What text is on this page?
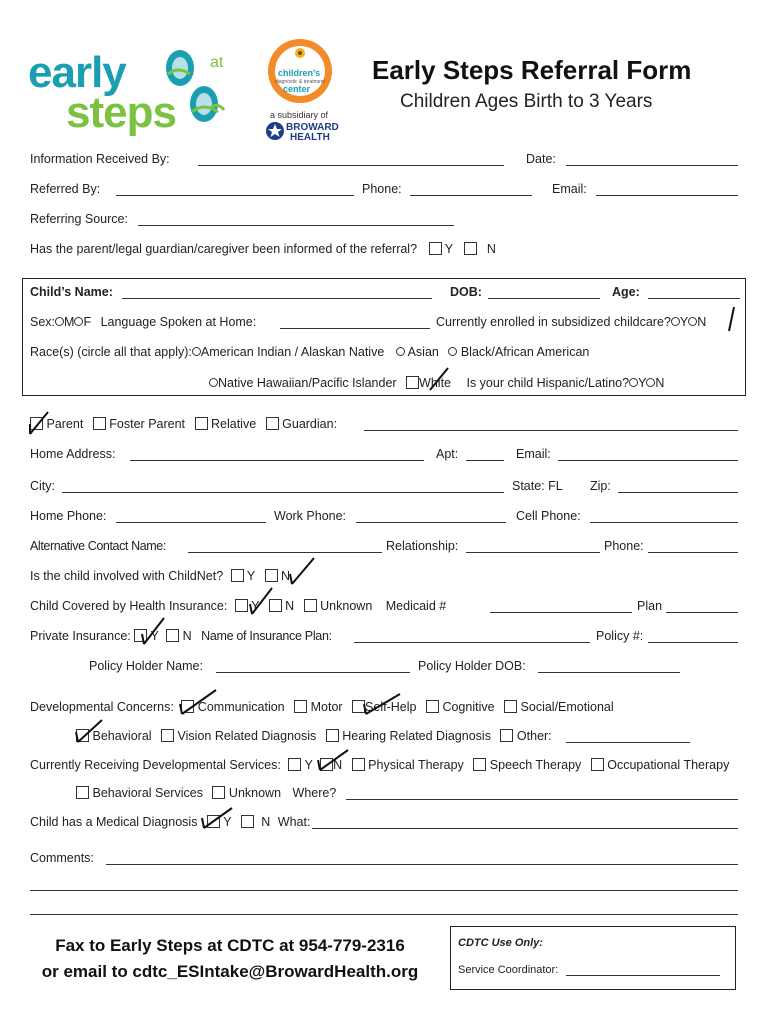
early	at
steps
children's
diagnostic & treatment
center
a subsidiary of
BROWARD
HEALTH
Early Steps Referral Form
Children Ages Birth to 3 Years
Information Received By:	Date:
Referred By:	Phone:	Email:
Referring Source:
Has the parent/legal guardian/caregiver been informed of the referral? Y	N
Child’s Name:	DOB:	Age:
Sex: M F Language Spoken at Home:	Currently enrolled in subsidized childcare? Y N
Race(s) (circle all that apply): American Indian / Alaskan Native Asian Black/African American
Native Hawaiian/Pacific Islander White Is your child Hispanic/Latino? Y N
Parent Foster Parent Relative Guardian:
Home Address:	Apt:	Email:
City:	State: FL Zip:
Home Phone:	Work Phone:	Cell Phone:
Alternative Contact Name:	Relationship:	Phone:
Is the child involved with ChildNet? Y N
Child Covered by Health Insurance: Y N Unknown Medicaid #	Plan
Private Insurance: Y N Name of Insurance Plan:	Policy #:
Policy Holder Name:	Policy Holder DOB:
Developmental Concerns: Communication Motor Self-Help Cognitive Social/Emotional
Behavioral Vision Related Diagnosis Hearing Related Diagnosis Other:
Currently Receiving Developmental Services: Y N Physical Therapy Speech Therapy Occupational Therapy
Behavioral Services Unknown Where?
Child has a Medical Diagnosis Y N What:
Comments:
Fax to Early Steps at CDTC at 954-779-2316
or email to cdtc_ESIntake@BrowardHealth.org
CDTC Use Only:
Service Coordinator:
